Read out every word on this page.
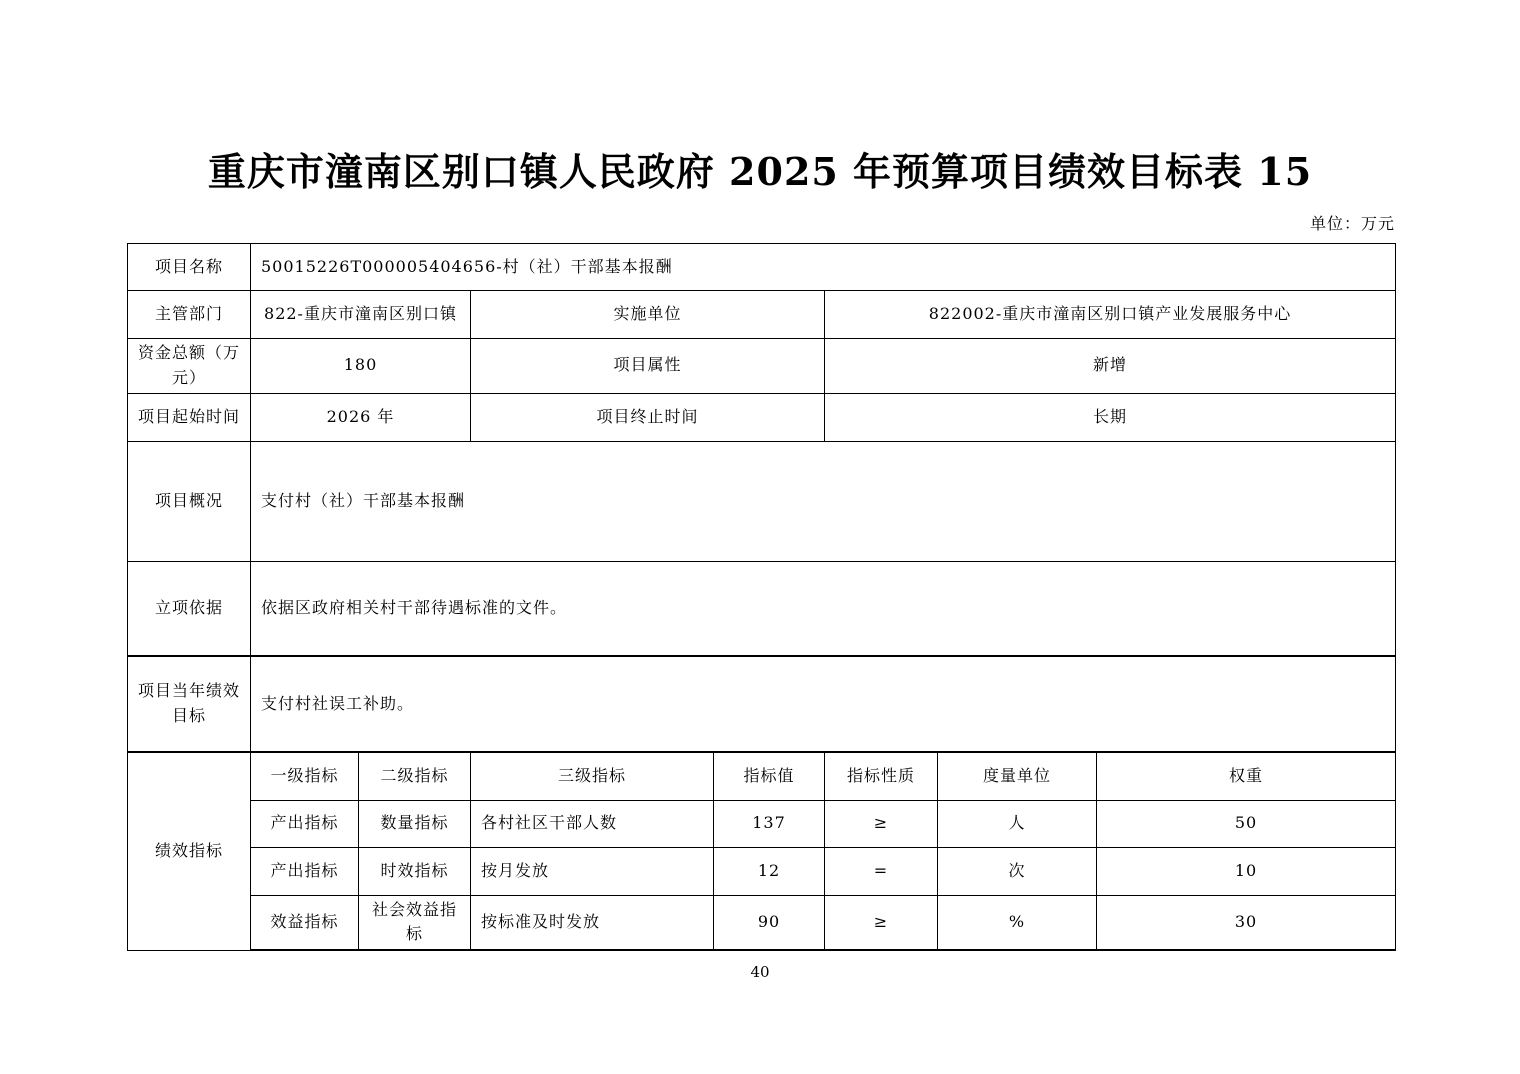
重庆市潼南区别口镇人民政府 2025 年预算项目绩效目标表 15
单位：万元
项目名称	50015226T000005404656-村（社）干部基本报酬						
主管部门	822-重庆市潼南区别口镇		实施单位		822002-重庆市潼南区别口镇产业发展服务中心		
资金总额（万元）	180		项目属性		新增		
项目起始时间	2026 年		项目终止时间		长期		
项目概况	支付村（社）干部基本报酬						
立项依据	依据区政府相关村干部待遇标准的文件。						
项目当年绩效目标	支付村社误工补助。						
绩效指标	一级指标	二级指标	三级指标	指标值	指标性质	度量单位	权重
	产出指标	数量指标	各村社区干部人数	137	≥	人	50
	产出指标	时效指标	按月发放	12	=	次	10
	效益指标	社会效益指标	按标准及时发放	90	≥	%	30
40
